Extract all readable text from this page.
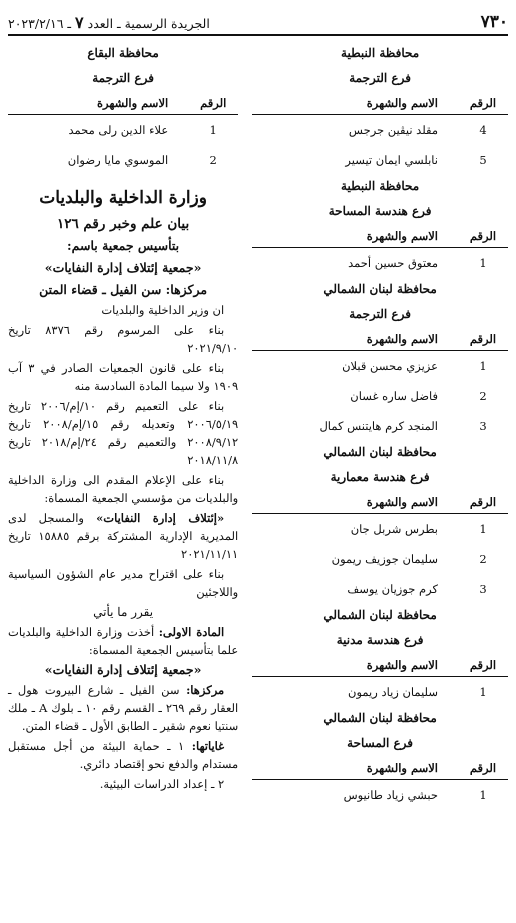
٧٣٠
الجريدة الرسمية ـ العدد ٧ ـ ٢٠٢٣/٢/١٦
محافظة النبطية
فرع الترجمة
الرقم
الاسم والشهرة
4
مقلد نيڤين جرجس
5
نابلسي ايمان تيسير
محافظة النبطية
فرع هندسة المساحة
الرقم
الاسم والشهرة
1
معتوق حسين أحمد
محافظة لبنان الشمالي
فرع الترجمة
الرقم
الاسم والشهرة
1
عزيزي محسن قبلان
2
فاضل ساره غسان
3
المنجد كرم هايتنس كمال
محافظة لبنان الشمالي
فرع هندسة معمارية
الرقم
الاسم والشهرة
1
بطرس شربل جان
2
سليمان جوزيف ريمون
3
كرم جوزيان يوسف
محافظة لبنان الشمالي
فرع هندسة مدنية
الرقم
الاسم والشهرة
1
سليمان زياد ريمون
محافظة لبنان الشمالي
فرع المساحة
الرقم
الاسم والشهرة
1
حبشي زياد طانيوس
محافظة البقاع
فرع الترجمة
الرقم
الاسم والشهرة
1
علاء الدين رلى محمد
2
الموسوي مايا رضوان
وزارة الداخلية والبلديات
بيان علم وخبر رقم ١٢٦
بتأسيس جمعية باسم:
«جمعية إئتلاف إدارة النفايات»
مركزها: سن الفيل ـ قضاء المتن

ان وزير الداخلية والبلديات

بناء على المرسوم رقم ٨٣٧٦ تاريخ ٢٠٢١/٩/١٠

بناء على قانون الجمعيات الصادر في ٣ آب ١٩٠٩ ولا سيما المادة السادسة منه

بناء على التعميم رقم ١٠/إم/٢٠٠٦ تاريخ ٢٠٠٦/٥/١٩ وتعديله رقم ١٥/إم/٢٠٠٨ تاريخ ٢٠٠٨/٩/١٢ والتعميم رقم ٢٤/إم/٢٠١٨ تاريخ ٢٠١٨/١١/٨

بناء على الإعلام المقدم الى وزارة الداخلية والبلديات من مؤسسي الجمعية المسماة:

«إئتلاف إدارة النفايات» والمسجل لدى المديرية الإدارية المشتركة برقم ١٥٨٨٥ تاريخ ٢٠٢١/١١/١١

بناء على اقتراح مدير عام الشؤون السياسية واللاجئين

يقرر ما يأتي

المادة الاولى: أخذت وزارة الداخلية والبلديات علما بتأسيس الجمعية المسماة:

«جمعية إئتلاف إدارة النفايات»

مركزها: سن الفيل ـ شارع البيروت هول ـ العقار رقم ٢٦٩ ـ القسم رقم ١٠ ـ بلوك A ـ ملك سنتيا نعوم شقير ـ الطابق الأول ـ قضاء المتن.

غاياتها: ١ ـ حماية البيئة من أجل مستقبل مستدام والدفع نحو إقتصاد دائري.

٢ ـ إعداد الدراسات البيئية.
